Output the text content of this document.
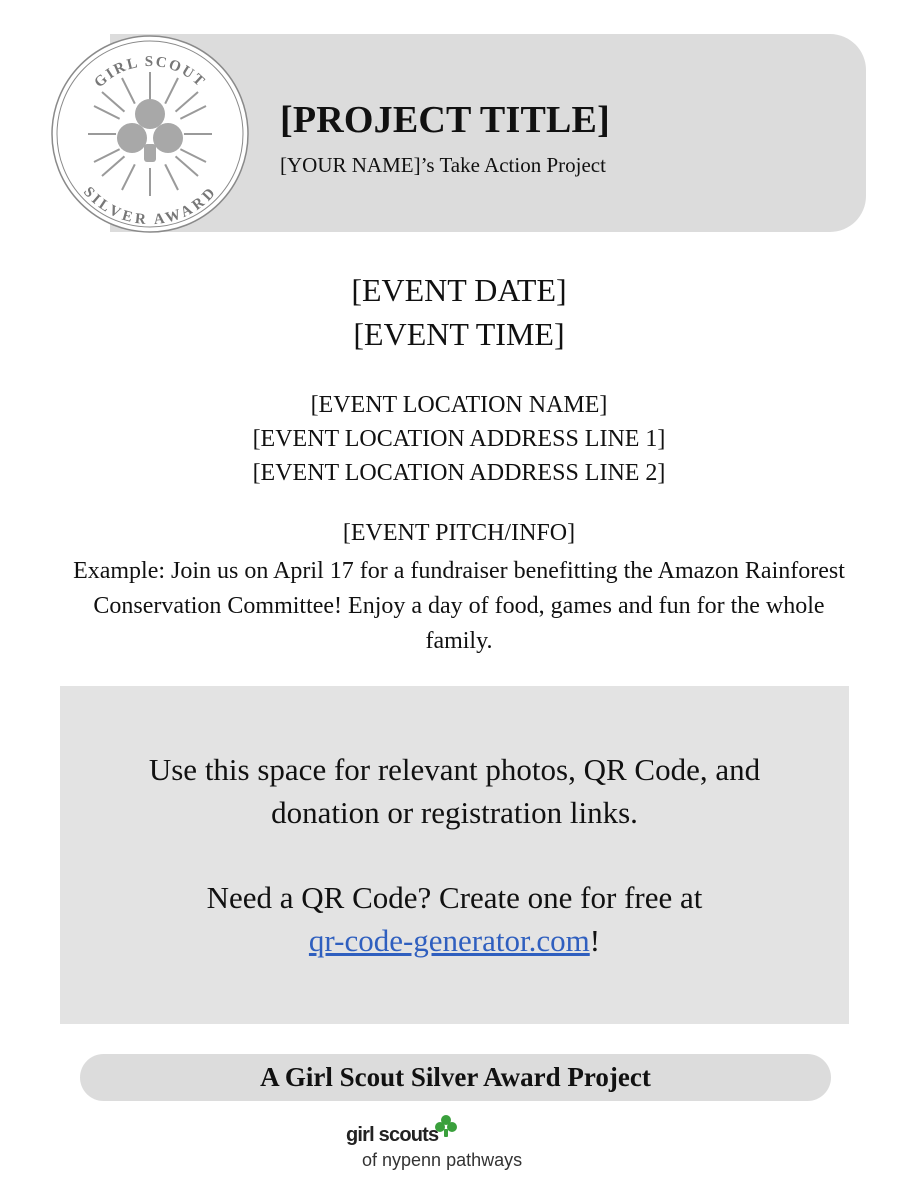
GIRL SCOUT
SILVER AWARD
[PROJECT TITLE]
[YOUR NAME]’s Take Action Project
[EVENT DATE]
[EVENT TIME]
[EVENT LOCATION NAME]
[EVENT LOCATION ADDRESS LINE 1]
[EVENT LOCATION ADDRESS LINE 2]
[EVENT PITCH/INFO]
Example: Join us on April 17 for a fundraiser benefitting the Amazon Rainforest Conservation Committee! Enjoy a day of food, games and fun for the whole family.
Use this space for relevant photos, QR Code, and
donation or registration links.
Need a QR Code? Create one for free at
qr-code-generator.com!
A Girl Scout Silver Award Project
girl scouts
of nypenn pathways
